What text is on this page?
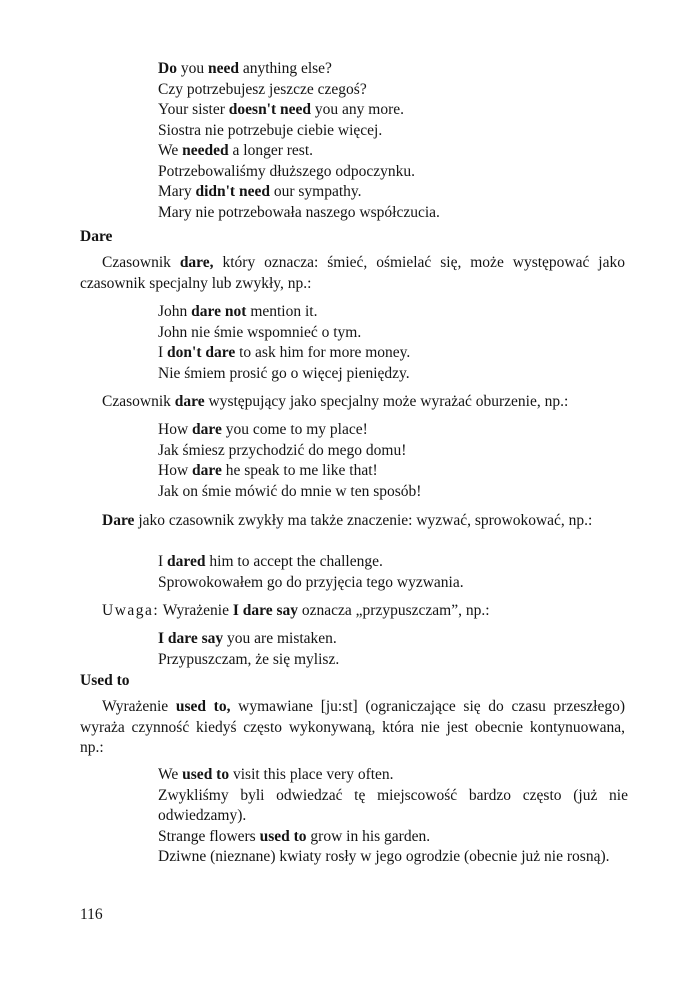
Do you need anything else?
Czy potrzebujesz jeszcze czegoś?
Your sister doesn't need you any more.
Siostra nie potrzebuje ciebie więcej.
We needed a longer rest.
Potrzebowaliśmy dłuższego odpoczynku.
Mary didn't need our sympathy.
Mary nie potrzebowała naszego współczucia.
Dare
Czasownik dare, który oznacza: śmieć, ośmielać się, może występować jako czasownik specjalny lub zwykły, np.:
John dare not mention it.
John nie śmie wspomnieć o tym.
I don't dare to ask him for more money.
Nie śmiem prosić go o więcej pieniędzy.
Czasownik dare występujący jako specjalny może wyrażać oburzenie, np.:
How dare you come to my place!
Jak śmiesz przychodzić do mego domu!
How dare he speak to me like that!
Jak on śmie mówić do mnie w ten sposób!
Dare jako czasownik zwykły ma także znaczenie: wyzwać, sprowokować, np.:
I dared him to accept the challenge.
Sprowokowałem go do przyjęcia tego wyzwania.
Uwaga: Wyrażenie I dare say oznacza „przypuszczam”, np.:
I dare say you are mistaken.
Przypuszczam, że się mylisz.
Used to
Wyrażenie used to, wymawiane [ju:st] (ograniczające się do czasu przeszłego) wyraża czynność kiedyś często wykonywaną, która nie jest obecnie kontynuowana, np.:
We used to visit this place very often.
Zwykliśmy byli odwiedzać tę miejscowość bardzo często (już nie odwiedzamy).
Strange flowers used to grow in his garden.
Dziwne (nieznane) kwiaty rosły w jego ogrodzie (obecnie już nie rosną).
116
